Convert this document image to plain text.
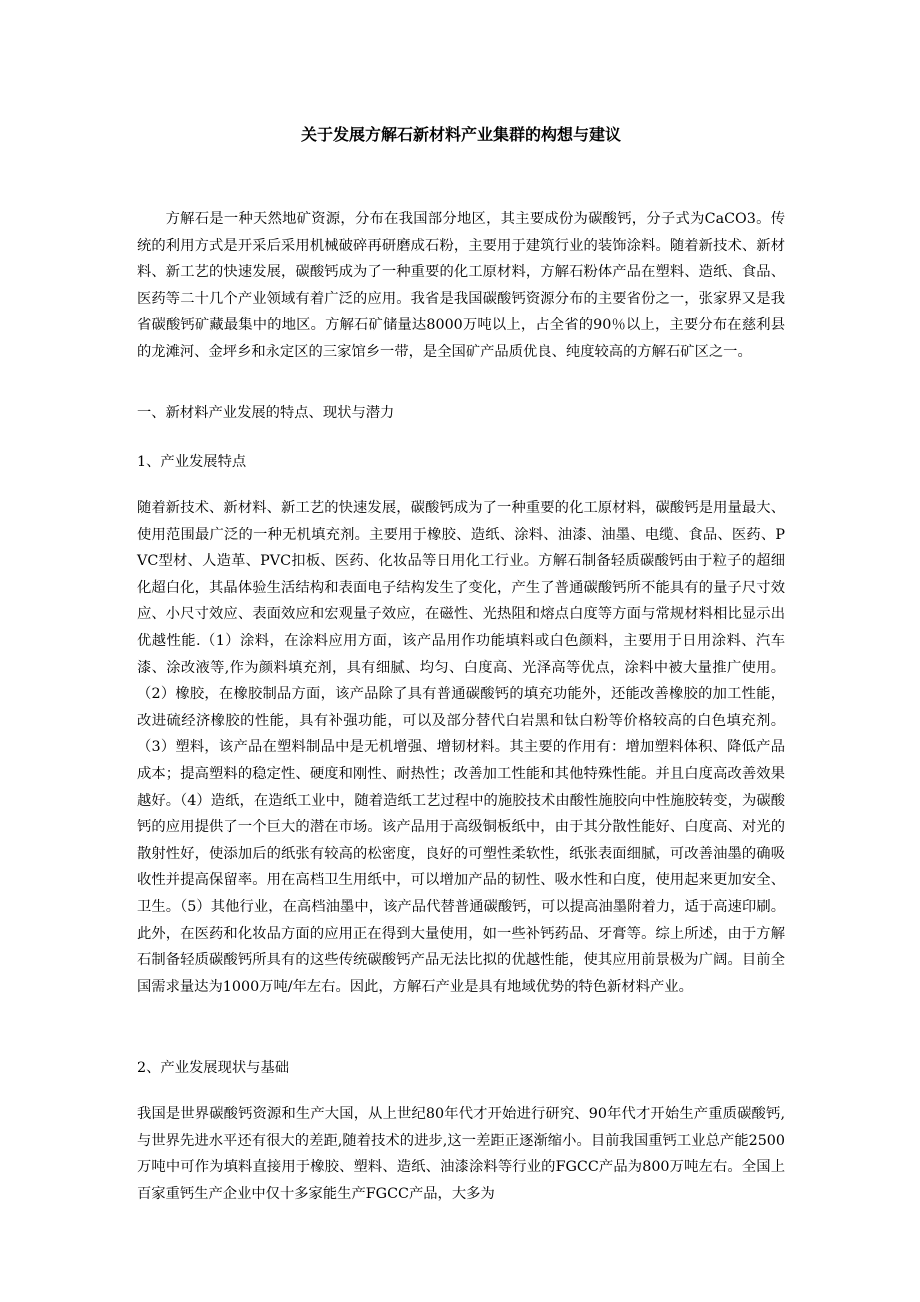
关于发展方解石新材料产业集群的构想与建议

方解石是一种天然地矿资源，分布在我国部分地区，其主要成份为碳酸钙，分子式为CaCO3。传统的利用方式是开采后采用机械破碎再研磨成石粉，主要用于建筑行业的装饰涂料。随着新技术、新材料、新工艺的快速发展，碳酸钙成为了一种重要的化工原材料，方解石粉体产品在塑料、造纸、食品、医药等二十几个产业领域有着广泛的应用。我省是我国碳酸钙资源分布的主要省份之一，张家界又是我省碳酸钙矿藏最集中的地区。方解石矿储量达8000万吨以上，占全省的90％以上，主要分布在慈利县的龙滩河、金坪乡和永定区的三家馆乡一带，是全国矿产品质优良、纯度较高的方解石矿区之一。

一、新材料产业发展的特点、现状与潜力

1、产业发展特点

随着新技术、新材料、新工艺的快速发展，碳酸钙成为了一种重要的化工原材料，碳酸钙是用量最大、使用范围最广泛的一种无机填充剂。主要用于橡胶、造纸、涂料、油漆、油墨、电缆、食品、医药、PVC型材、人造革、PVC扣板、医药、化妆品等日用化工行业。方解石制备轻质碳酸钙由于粒子的超细化超白化，其晶体验生活结构和表面电子结构发生了变化，产生了普通碳酸钙所不能具有的量子尺寸效应、小尺寸效应、表面效应和宏观量子效应，在磁性、光热阻和熔点白度等方面与常规材料相比显示出优越性能.（1）涂料，在涂料应用方面，该产品用作功能填料或白色颜料，主要用于日用涂料、汽车漆、涂改液等,作为颜料填充剂，具有细腻、均匀、白度高、光泽高等优点，涂料中被大量推广使用。（2）橡胶，在橡胶制品方面，该产品除了具有普通碳酸钙的填充功能外，还能改善橡胶的加工性能，改进硫经济橡胶的性能，具有补强功能，可以及部分替代白岩黑和钛白粉等价格较高的白色填充剂。（3）塑料，该产品在塑料制品中是无机增强、增韧材料。其主要的作用有：增加塑料体积、降低产品成本；提高塑料的稳定性、硬度和刚性、耐热性；改善加工性能和其他特殊性能。并且白度高改善效果越好。（4）造纸，在造纸工业中，随着造纸工艺过程中的施胶技术由酸性施胶向中性施胶转变，为碳酸钙的应用提供了一个巨大的潜在市场。该产品用于高级铜板纸中，由于其分散性能好、白度高、对光的散射性好，使添加后的纸张有较高的松密度，良好的可塑性柔软性，纸张表面细腻，可改善油墨的确吸收性并提高保留率。用在高档卫生用纸中，可以增加产品的韧性、吸水性和白度，使用起来更加安全、卫生。（5）其他行业，在高档油墨中，该产品代替普通碳酸钙，可以提高油墨附着力，适于高速印刷。此外，在医药和化妆品方面的应用正在得到大量使用，如一些补钙药品、牙膏等。综上所述，由于方解石制备轻质碳酸钙所具有的这些传统碳酸钙产品无法比拟的优越性能，使其应用前景极为广阔。目前全国需求量达为1000万吨/年左右。因此，方解石产业是具有地域优势的特色新材料产业。

2、产业发展现状与基础

我国是世界碳酸钙资源和生产大国，从上世纪80年代才开始进行研究、90年代才开始生产重质碳酸钙,与世界先进水平还有很大的差距,随着技术的进步,这一差距正逐渐缩小。目前我国重钙工业总产能2500万吨中可作为填料直接用于橡胶、塑料、造纸、油漆涂料等行业的FGCC产品为800万吨左右。全国上百家重钙生产企业中仅十多家能生产FGCC产品，大多为
